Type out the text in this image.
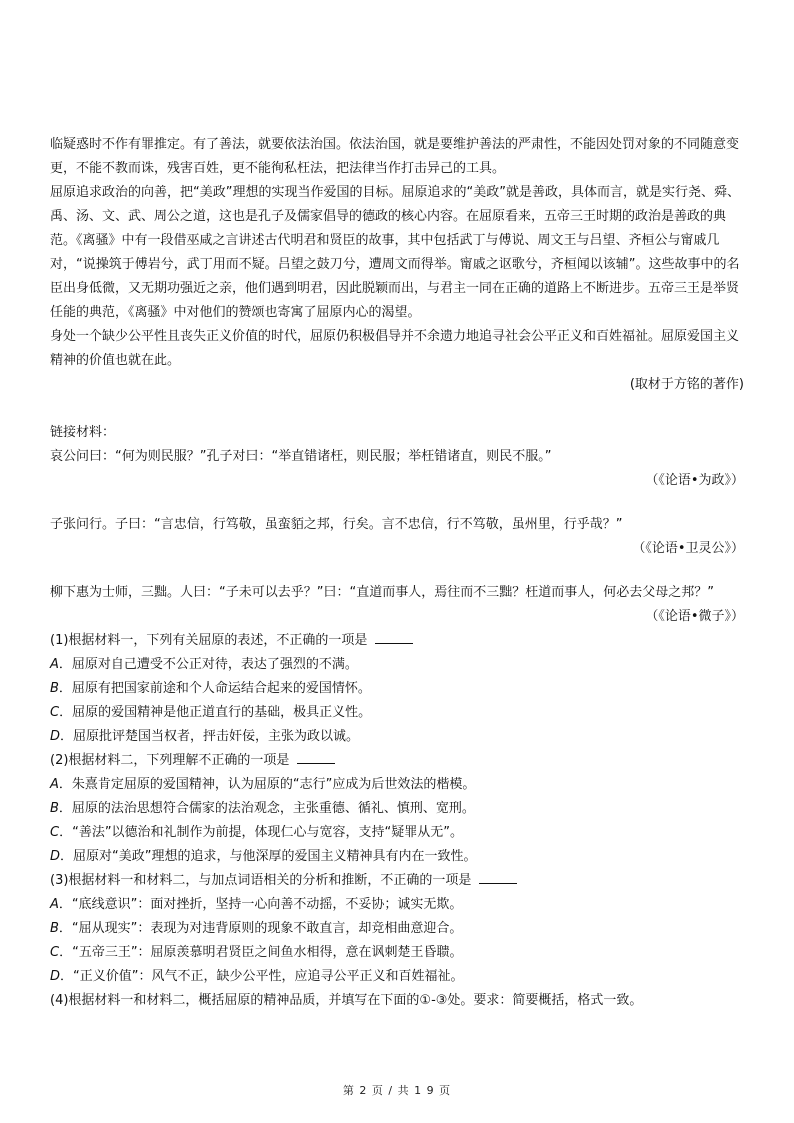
临疑惑时不作有罪推定。有了善法，就要依法治国。依法治国，就是要维护善法的严肃性，不能因处罚对象的不同随意变更，不能不教而诛，残害百姓，更不能徇私枉法，把法律当作打击异己的工具。

屈原追求政治的向善，把“美政”理想的实现当作爱国的目标。屈原追求的“美政”就是善政，具体而言，就是实行尧、舜、禹、汤、文、武、周公之道，这也是孔子及儒家倡导的德政的核心内容。在屈原看来，五帝三王时期的政治是善政的典范。《离骚》中有一段借巫咸之言讲述古代明君和贤臣的故事，其中包括武丁与傅说、周文王与吕望、齐桓公与甯戚几对，“说操筑于傅岩兮，武丁用而不疑。吕望之鼓刀兮，遭周文而得举。甯戚之讴歌兮，齐桓闻以该辅”。这些故事中的名臣出身低微，又无期功强近之亲，他们遇到明君，因此脱颖而出，与君主一同在正确的道路上不断进步。五帝三王是举贤任能的典范，《离骚》中对他们的赞颂也寄寓了屈原内心的渴望。

身处一个缺少公平性且丧失正义价值的时代，屈原仍积极倡导并不余遗力地追寻社会公平正义和百姓福祉。屈原爱国主义精神的价值也就在此。

(取材于方铭的著作)

链接材料：

哀公问曰：“何为则民服？”孔子对曰：“举直错诸枉，则民服；举枉错诸直，则民不服。”

（《论语•为政》）

子张问行。子曰：“言忠信，行笃敬，虽蛮貊之邦，行矣。言不忠信，行不笃敬，虽州里，行乎哉？”

（《论语•卫灵公》）

柳下惠为士师，三黜。人曰：“子未可以去乎？”曰：“直道而事人，焉往而不三黜？枉道而事人，何必去父母之邦？”

（《论语•微子》）

(1)根据材料一，下列有关屈原的表述，不正确的一项是

A．屈原对自己遭受不公正对待，表达了强烈的不满。

B．屈原有把国家前途和个人命运结合起来的爱国情怀。

C．屈原的爱国精神是他正道直行的基础，极具正义性。

D．屈原批评楚国当权者，抨击奸佞，主张为政以诚。

(2)根据材料二，下列理解不正确的一项是

A．朱熹肯定屈原的爱国精神，认为屈原的“志行”应成为后世效法的楷模。

B．屈原的法治思想符合儒家的法治观念，主张重德、循礼、慎刑、宽刑。

C．“善法”以德治和礼制作为前提，体现仁心与宽容，支持“疑罪从无”。

D．屈原对“美政”理想的追求，与他深厚的爱国主义精神具有内在一致性。

(3)根据材料一和材料二，与加点词语相关的分析和推断，不正确的一项是

A．“底线意识”：面对挫折，坚持一心向善不动摇，不妥协；诚实无欺。

B．“屈从现实”：表现为对违背原则的现象不敢直言，却竞相曲意迎合。

C．“五帝三王”：屈原羡慕明君贤臣之间鱼水相得，意在讽刺楚王昏聩。

D．“正义价值”：风气不正，缺少公平性，应追寻公平正义和百姓福祉。

(4)根据材料一和材料二，概括屈原的精神品质，并填写在下面的①-③处。要求：简要概括，格式一致。

第 2 页 / 共 1 9 页
